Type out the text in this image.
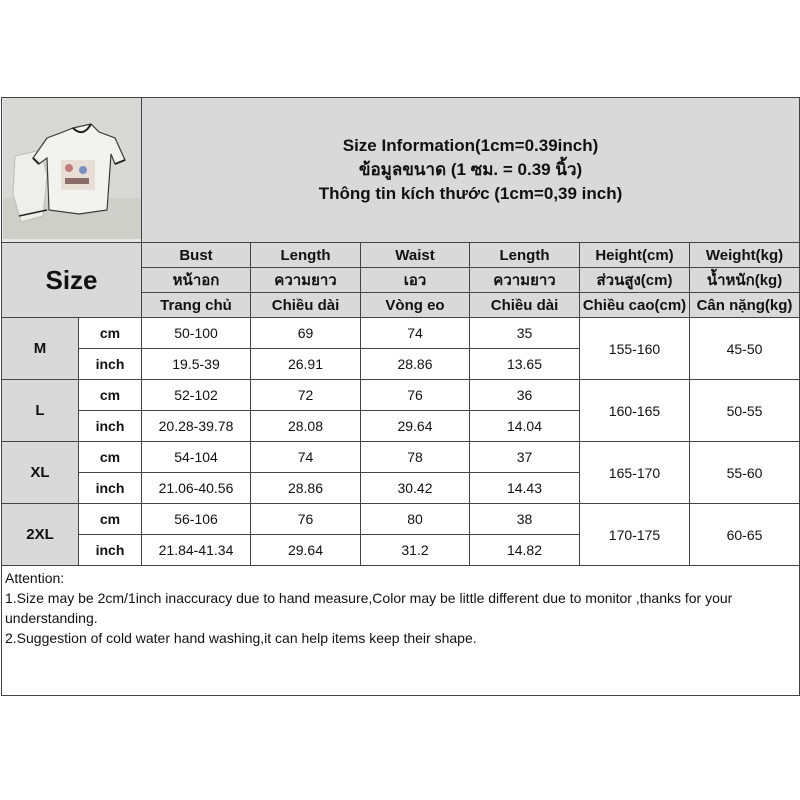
Size Information(1cm=0.39inch)
ข้อมูลขนาด (1 ซม. = 0.39 นิ้ว)
Thông tin kích thước (1cm=0,39 inch)					

Size		Bust	Length	Waist	Length	Height(cm)	Weight(kg)
		หน้าอก	ความยาว	เอว	ความยาว	ส่วนสูง(cm)	น้ำหนัก(kg)
		Trang chủ	Chiều dài	Vòng eo	Chiều dài	Chiều cao(cm)	Cân nặng(kg)
M	cm	50-100	69	74	35	155-160	45-50
	inch	19.5-39	26.91	28.86	13.65		
L	cm	52-102	72	76	36	160-165	50-55
	inch	20.28-39.78	28.08	29.64	14.04		
XL	cm	54-104	74	78	37	165-170	55-60
	inch	21.06-40.56	28.86	30.42	14.43		
2XL	cm	56-106	76	80	38	170-175	60-65
	inch	21.84-41.34	29.64	31.2	14.82		

Attention:
1.Size may be 2cm/1inch inaccuracy due to hand measure,Color may be little different due to monitor ,thanks for your understanding.
2.Suggestion of cold water hand washing,it can help items keep their shape.							
